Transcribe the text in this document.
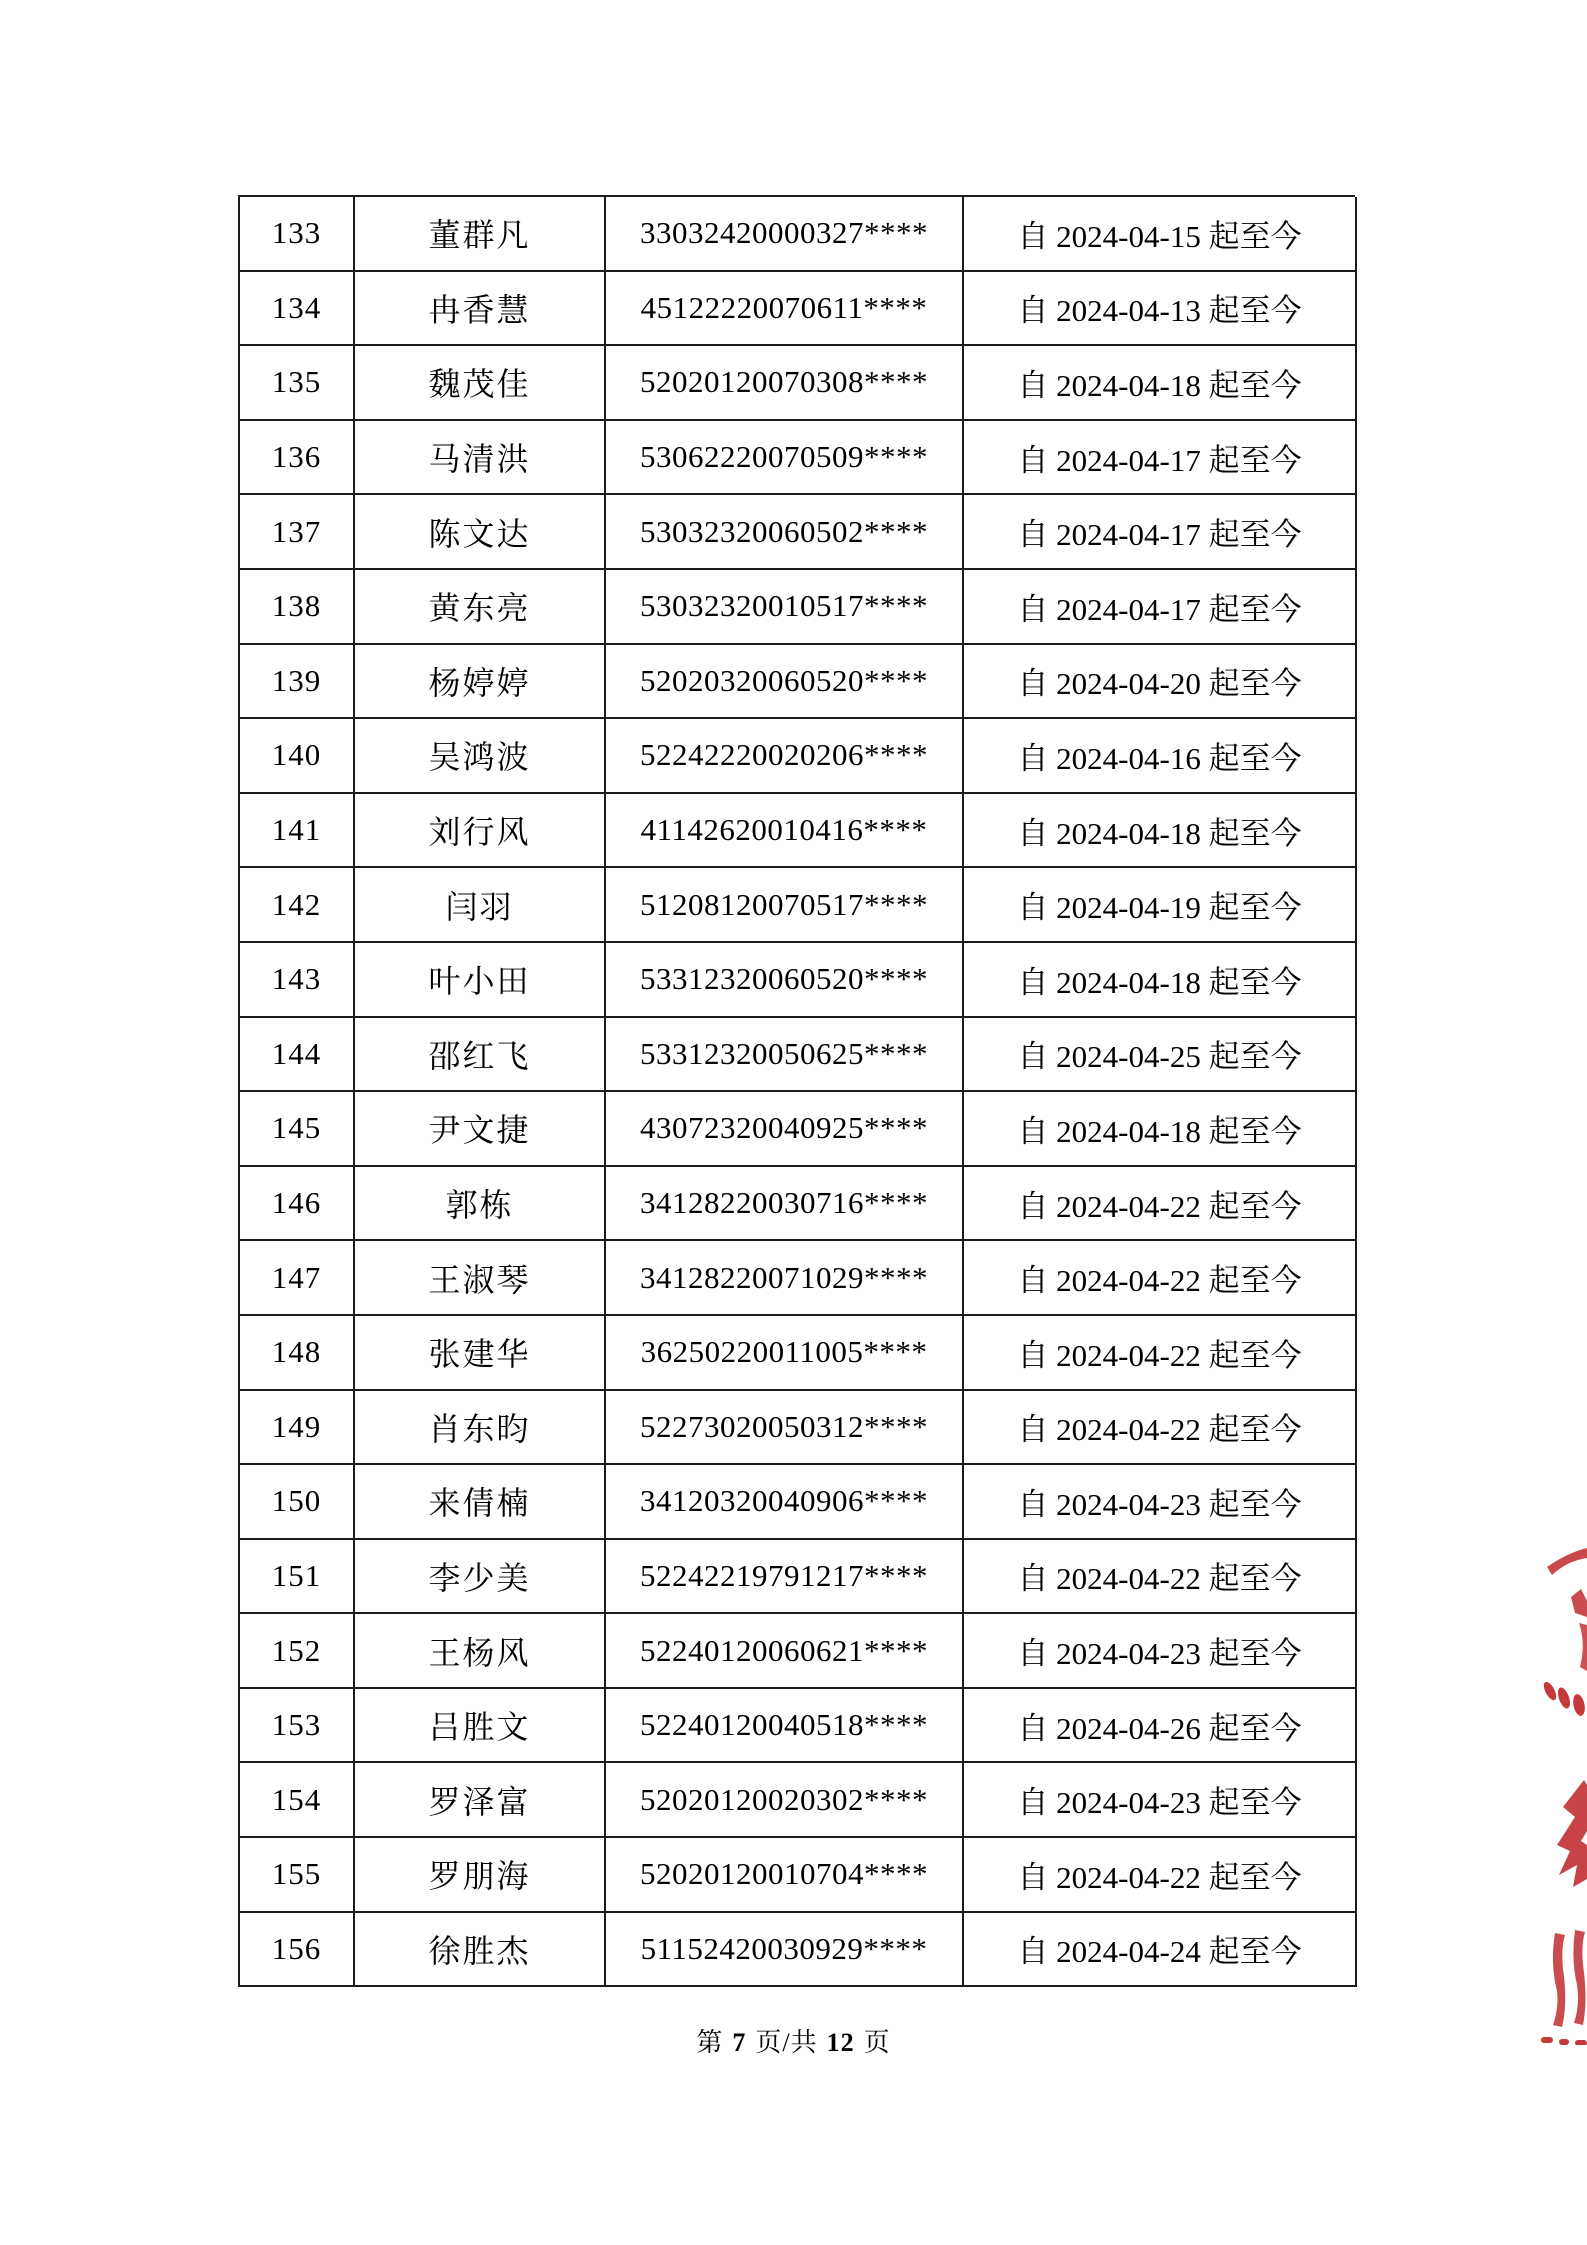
133	董群凡	33032420000327****	自 2024-04-15 起至今
134	冉香慧	45122220070611****	自 2024-04-13 起至今
135	魏茂佳	52020120070308****	自 2024-04-18 起至今
136	马清洪	53062220070509****	自 2024-04-17 起至今
137	陈文达	53032320060502****	自 2024-04-17 起至今
138	黄东亮	53032320010517****	自 2024-04-17 起至今
139	杨婷婷	52020320060520****	自 2024-04-20 起至今
140	吴鸿波	52242220020206****	自 2024-04-16 起至今
141	刘行风	41142620010416****	自 2024-04-18 起至今
142	闫羽	51208120070517****	自 2024-04-19 起至今
143	叶小田	53312320060520****	自 2024-04-18 起至今
144	邵红飞	53312320050625****	自 2024-04-25 起至今
145	尹文捷	43072320040925****	自 2024-04-18 起至今
146	郭栋	34128220030716****	自 2024-04-22 起至今
147	王淑琴	34128220071029****	自 2024-04-22 起至今
148	张建华	36250220011005****	自 2024-04-22 起至今
149	肖东昀	52273020050312****	自 2024-04-22 起至今
150	来倩楠	34120320040906****	自 2024-04-23 起至今
151	李少美	52242219791217****	自 2024-04-22 起至今
152	王杨风	52240120060621****	自 2024-04-23 起至今
153	吕胜文	52240120040518****	自 2024-04-26 起至今
154	罗泽富	52020120020302****	自 2024-04-23 起至今
155	罗朋海	52020120010704****	自 2024-04-22 起至今
156	徐胜杰	51152420030929****	自 2024-04-24 起至今
第 7 页/共 12 页
